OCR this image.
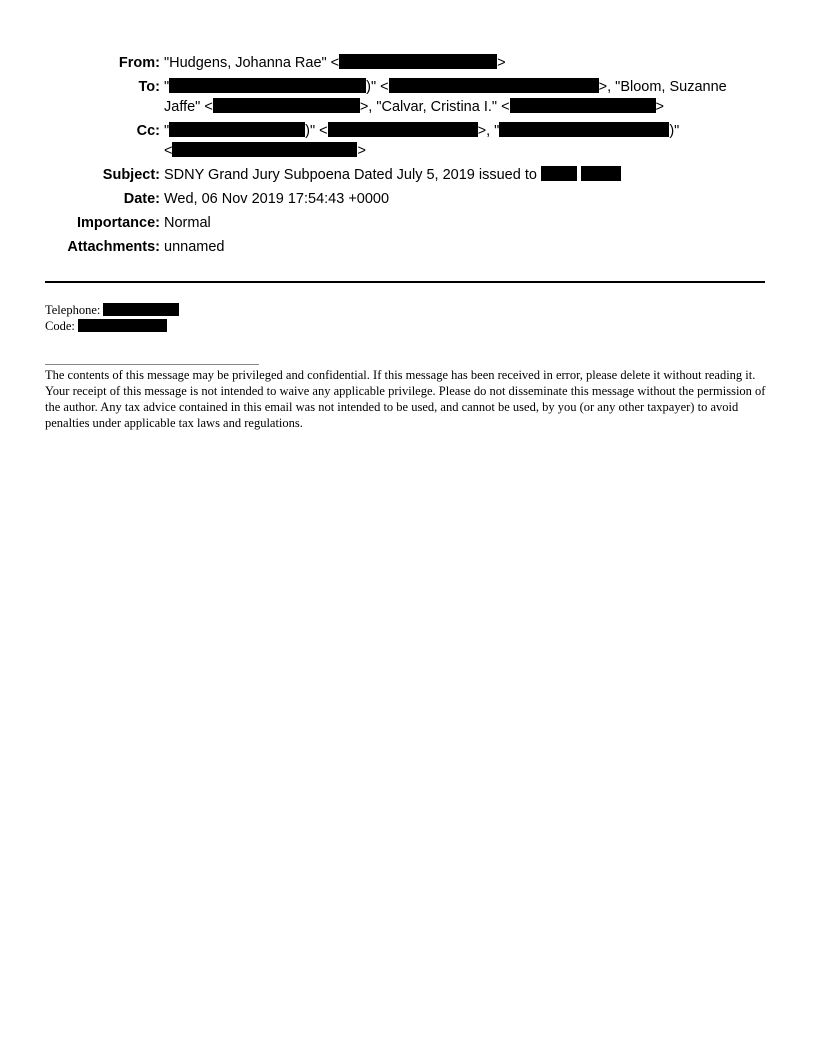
From: "Hudgens, Johanna Rae" <	>
To: "	)" <	>, "Bloom, Suzanne
Jaffe" <	>, "Calvar, Cristina I." <	>
Cc: "	)" <	>, "	)"
<	>
Subject: SDNY Grand Jury Subpoena Dated July 5, 2019 issued to
Date: Wed, 06 Nov 2019 17:54:43 +0000
Importance: Normal
Attachments: unnamed
Telephone:
Code:
The contents of this message may be privileged and confidential. If this message has been received in error, please delete it without reading it. Your receipt of this message is not intended to waive any applicable privilege. Please do not disseminate this message without the permission of the author. Any tax advice contained in this email was not intended to be used, and cannot be used, by you (or any other taxpayer) to avoid penalties under applicable tax laws and regulations.
